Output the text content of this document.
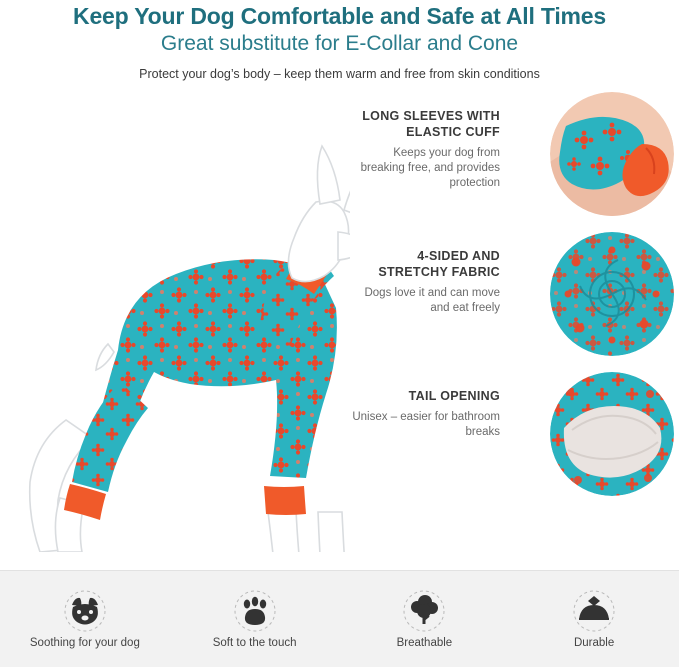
Keep Your Dog Comfortable and Safe at All Times
Great substitute for E-Collar and Cone
Protect your dog’s body – keep them warm and free from skin conditions
LONG SLEEVES WITH ELASTIC CUFF
Keeps your dog from breaking free, and provides protection
4-SIDED AND STRETCHY FABRIC
Dogs love it and can move and eat freely
TAIL OPENING
Unisex – easier for bathroom breaks
Soothing for your dog	Soft to the touch	Breathable	Durable
